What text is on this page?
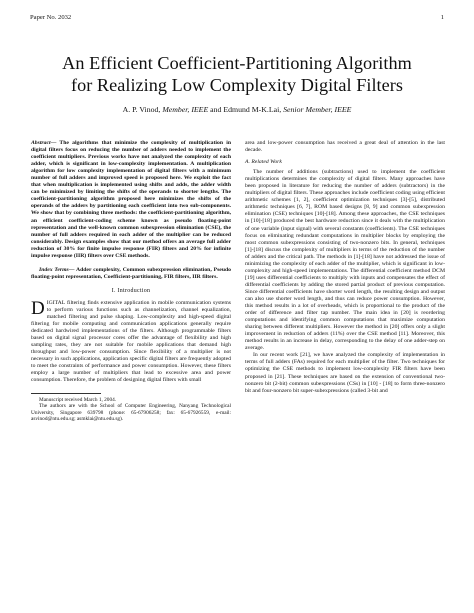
Paper No. 2032	1
An Efficient Coefficient-Partitioning Algorithm
for Realizing Low Complexity Digital Filters
A. P. Vinod, Member, IEEE and Edmund M-K.Lai, Senior Member, IEEE

Abstract— The algorithms that minimize the complexity of multiplication in digital filters focus on reducing the number of adders needed to implement the coefficient multipliers. Previous works have not analyzed the complexity of each adder, which is significant in low-complexity implementation. A multiplication algorithm for low complexity implementation of digital filters with a minimum number of full adders and improved speed is proposed here. We exploit the fact that when multiplication is implemented using shifts and adds, the adder width can be minimized by limiting the shifts of the operands to shorter lengths. The coefficient-partitioning algorithm proposed here minimizes the shifts of the operands of the adders by partitioning each coefficient into two sub-components. We show that by combining three methods: the coefficient-partitioning algorithm, an efficient coefficient-coding scheme known as pseudo floating-point representation and the well-known common subexpression elimination (CSE), the number of full adders required in each adder of the multiplier can be reduced considerably. Design examples show that our method offers an average full adder reduction of 30% for finite impulse response (FIR) filters and 20% for infinite impulse response (IIR) filters over CSE methods.

Index Terms— Adder complexity, Common subexpression elimination, Pseudo floating-point representation, Coefficient-partitioning, FIR filters, IIR filters.

I. Introduction

DIGITAL filtering finds extensive application in mobile communication systems to perform various functions such as channelization, channel equalization, matched filtering and pulse shaping. Low-complexity and high-speed digital filtering for mobile computing and communication applications generally require dedicated hardwired implementations of the filters. Although programmable filters based on digital signal processor cores offer the advantage of flexibility and high sampling rates, they are not suitable for mobile applications that demand high throughput and low-power consumption. Since flexibility of a multiplier is not necessary in such applications, application specific digital filters are frequently adopted to meet the constraints of performance and power consumption. However, these filters employ a large number of multipliers that lead to excessive area and power consumption. Therefore, the problem of designing digital filters with small

Manuscript received March 1, 2004.

The authors are with the School of Computer Engineering, Nanyang Technological University, Singapore 639798 (phone: 65-67906258; fax: 65-67926559, e-mail: asvinod@ntu.edu.sg; asmklai@ntu.edu.sg).

area and low-power consumption has received a great deal of attention in the last decade.

A. Related Work

The number of additions (subtractions) used to implement the coefficient multiplications determines the complexity of digital filters. Many approaches have been proposed in literature for reducing the number of adders (subtractors) in the multipliers of digital filters. These approaches include coefficient coding using efficient arithmetic schemes [1, 2], coefficient optimization techniques [3]-[5], distributed arithmetic techniques [6, 7], ROM based designs [8, 9] and common subexpression elimination (CSE) techniques [10]-[18]. Among these approaches, the CSE techniques in [10]-[18] produced the best hardware reduction since it deals with the multiplication of one variable (input signal) with several constants (coefficients). The CSE techniques focus on eliminating redundant computations in multiplier blocks by employing the most common subexpressions consisting of two-nonzero bits. In general, techniques [1]-[18] discuss the complexity of multipliers in terms of the reduction of the number of adders and the critical path. The methods in [1]-[18] have not addressed the issue of minimizing the complexity of each adder of the multiplier, which is significant in low-complexity and high-speed implementations. The differential coefficient method DCM [19] uses differential coefficients to multiply with inputs and compensates the effect of differential coefficients by adding the stored partial product of previous computation. Since differential coefficients have shorter word length, the resulting design and output can also use shorter word length, and thus can reduce power consumption. However, this method results in a lot of overheads, which is proportional to the product of the order of difference and filter tap number. The main idea in [20] is reordering computations and identifying common computations that maximize computation sharing between different multipliers. However the method in [20] offers only a slight improvement in reduction of adders (11%) over the CSE method [11]. Moreover, this method results in an increase in delay, corresponding to the delay of one adder-step on average.

In our recent work [21], we have analyzed the complexity of implementation in terms of full adders (FAs) required for each multiplier of the filter. Two techniques for optimizing the CSE methods to implement low-complexity FIR filters have been proposed in [21]. These techniques are based on the extension of conventional two-nonzero bit (2-bit) common subexpressions (CSs) in [10] - [18] to form three-nonzero bit and four-nonzero bit super-subexpressions (called 3-bit and
